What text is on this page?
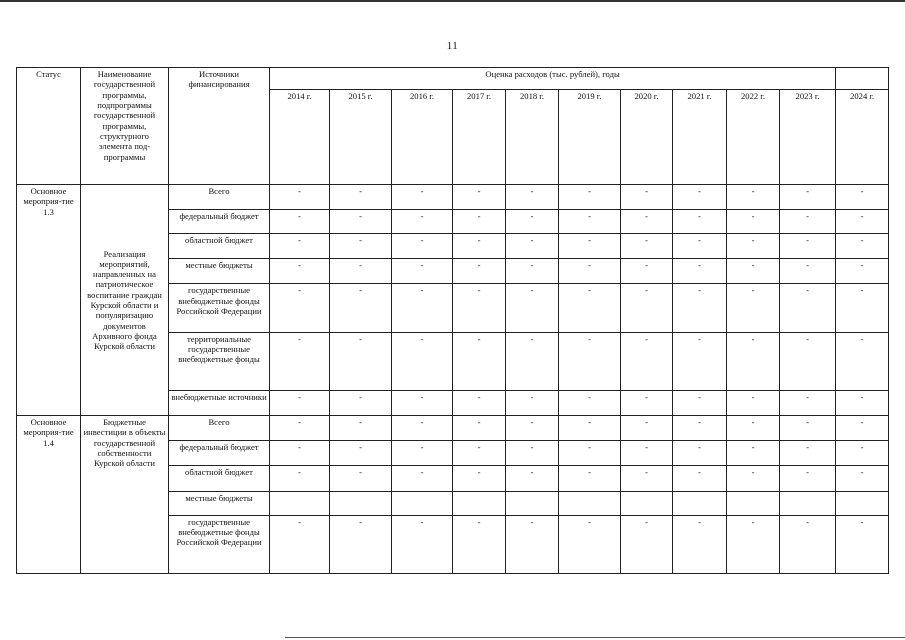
11
Статус	Наименование государственной программы, подпрограммы государственной программы, структурного элемента под-программы	Источники финансирования	Оценка расходов (тыс. рублей), годы										
			2014 г.	2015 г.	2016 г.	2017 г.	2018 г.	2019 г.	2020 г.	2021 г.	2022 г.	2023 г.	2024 г.
Основное мероприя-тие 1.3	Реализация мероприятий, направленных на патриотическое воспитание граждан Курской области и популяризацию документов Архивного фонда Курской области	Всего	-	-	-	-	-	-	-	-	-	-	-
		федеральный бюджет	-	-	-	-	-	-	-	-	-	-	-
		областной бюджет	-	-	-	-	-	-	-	-	-	-	-
		местные бюджеты	-	-	-	-	-	-	-	-	-	-	-
		государственные внебюджетные фонды Российской Федерации	-	-	-	-	-	-	-	-	-	-	-
		территориальные государственные внебюджетные фонды	-	-	-	-	-	-	-	-	-	-	-
		внебюджетные источники	-	-	-	-	-	-	-	-	-	-	-
Основное мероприя-тие 1.4	Бюджетные инвестиции в объекты государственной собственности Курской области	Всего	-	-	-	-	-	-	-	-	-	-	-
		федеральный бюджет	-	-	-	-	-	-	-	-	-	-	-
		областной бюджет	-	-	-	-	-	-	-	-	-	-	-
		местные бюджеты											
		государственные внебюджетные фонды Российской Федерации	-	-	-	-	-	-	-	-	-	-	-
